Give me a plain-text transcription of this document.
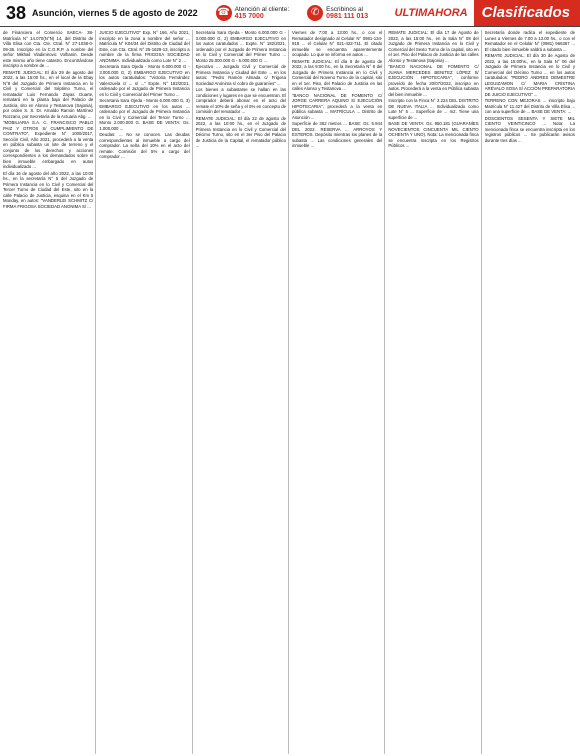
38 Asunción, viernes 5 de agosto de 2022 ☎ Atención al cliente:
415 7000	✆	Escribinos al
0981 111 013	ULTIMAHORA Clasificados

de Financiera el Comercio SAECA- 38-Matrícula N° 14.070(N°N) 14, del Distrito de Villa Elisa con Cta. Cte. Ctral. N° 27-1038-0-09-36. Inscripto en la C.G.R.P. a nombre del señor Mikhail Vladimirovic Volhanin. Desde este mismo año tiene catastro. Encontrándose inscripto a nombre de ...

REMATE JUDICIAL: El día 29 de agosto del 2022, a las 16:00 hs., en el local de la Ebay N°8 del Juzgado de Primera Instancia en lo Civil y Comercial del Séptimo Turno, el rematador Luis Fernando Zayas Duarte, rematará en la planta baja del Palacio de Justicia, sito en Alonso y Testanova (Sajonia), por orden S. S. Dr. Arnaldo Ramón Martínez Rozzano, por Secretaría de la Actuaria Abg. ...

"MOBILIARIA S.A. C. FRANCISCO PABLO PAIZ Y OTROS S/ CUMPLIMIENTO DE CONTRATO", Expediente N° 1000/2017, Sección Civil, Año 2021, procederá a la venta en pública subasta un lote de terreno y el conjunto de los derechos y acciones correspondientes a los demandados sobre el bien inmueble embargado en autos individualizado ...

El día 16 de agosto del año 2022, a las 10:00 hs., en la secretaría N° 5 del Juzgado de Primera Instancia en lo Civil y Comercial del Tercer Turno de Ciudad del Este, sito en la calle Palacio de Justicia, esquina en el Km 5 Monday, en autos: "VANDERLEI SCHMITZ C/ FIRMA FRIGOSA SOCIEDAD ANONIMA S/ ...

JUICIO EJECUTIVO" Exp. N° 166, Año 2021, inscripto en la zona a nombre del señor ... Matrícula N° K04/34 del Distrito de Ciudad del Este, con Cta. Ctral. N° 25-1629-13, inscripto a nombre de la firma FRIGOSA SOCIEDAD ANÓNIMA. Individualizado como Lote N° 2 ...

Secretaria Sara Ojeda - Monto 6.000.000 G - 3.000.000 G, 2) EMBARGO EJECUTIVO en los autos caratulados: "Victoria Fernández Valenzuela c/ ... s/ ..." Expte. N° 182/2021, ordenado por el Juzgado de Primera Instancia en lo Civil y Comercial del Primer Turno ...

Secretaria Sara Ojeda - Monto 6.000.000 G, 3) EMBARGO EJECUTIVO en los autos ... ordenado por el Juzgado de Primera Instancia en lo Civil y Comercial del Tercer Turno ... Monto 2.000.000 G. BASE DE VENTA: Gs. 1.000.000 ...

Deudas: ... No se conocen. Las deudas correspondientes al inmueble a cargo del comprador. La seña del 10% en el acto del remate. Comisión del 5% a cargo del comprador ...

Secretaria Sara Ojeda - Monto 6.000.000 G - 3.000.000 G, 2) EMBARGO EJECUTIVO en los autos caratulados ... Expte. N° 182/2021, ordenado por el Juzgado de Primera Instancia en lo Civil y Comercial del Primer Turno ... Monto 25.000.000 G - 5.000.000 G ...

Ejecutivo ... Juzgado Civil y Comercial de Primera Instancia y Ciudad del Este ... en los autos: "Pedro Ramón Almada c/ Frigosa Sociedad Anónima s/ cobro de guaraníes" ...

Los bienes a subastarse se hallan en las condiciones y lugares en que se encuentran. El comprador deberá abonar en el acto del remate el 10% de seña y el 5% en concepto de comisión del rematador ...

REMATE JUDICIAL: El día 22 de agosto de 2022, a las 10:00 hs., en el Juzgado de Primera Instancia en lo Civil y Comercial del Décimo Turno, sito en el 3er Piso del Palacio de Justicia de la Capital, el rematador público ...

Viernes de 7:00 a 13:00 hs., o con el Rematador designado al Celular N° 0981-134-918 ... el Celular N° 021-422-711. El citado inmueble se encuentra aparentemente ocupado. Lo que se informa en autos ...

REMATE JUDICIAL: El día 8 de agosto de 2022, a las 9:00 hs., en la Secretaría N° 8 del Juzgado de Primera Instancia en lo Civil y Comercial del Noveno Turno de la capital, sito en el 1er. Piso, del Palacio de Justicia en las calles Alonso y Testanova ...

"BANCO NACIONAL DE FOMENTO C/ JORGE CARRERA AQUINO S/ EJECUCIÓN HIPOTECARIA", procederá a la venta en pública subasta ... MATRÍCULA ... Distrito de Asunción ...

Superficie de 362 metros ... BASE: Gs. 5.944 DEL 2022. RESERVA ... ARROYOS Y ESTEROS. Depósito mientras los planes de la subasta ... Las condiciones generales del inmueble ...

REMATE JUDICIAL: El día 17 de Agosto de 2022, a las 15:00 hs., en la Sala N° 08 del Juzgado de Primera Instancia en lo Civil y Comercial del Sexto Turno de la capital, sito en el 1er. Piso del Palacio de Justicia de las calles Alonso y Testanova (Sajonia) ...

"BANCO NACIONAL DE FOMENTO C/ JUANA MERCEDES BENITEZ LÓPEZ S/ EJECUCIÓN HIPOTECARIA", conforme proveído de fecha 20/07/2022, inscripto en autos. Procederá a la venta en Pública subasta del bien inmueble ...

Inscripto con la Finca N° 2.224 DEL DISTRITO DE NUEVA ITALIA ... Individualizado como Lote N° 5 ... Superficie de ... m2. Tiene una superficie de ...

BASE DE VENTA: Gs. 950.181 (GUARANÍES NOVECIENTOS CINCUENTA MIL CIENTO OCHENTA Y UNO). Nota: La mencionada finca se encuentra inscripta en los Registros Públicos ...

Secretaría donde radica el expediente de Lunes a Viernes de 7.00 a 13.00 hs., o con el Rematador en el Celular N° (0981) 966367 ... El citado bien inmueble saldrá a subasta ...

REMATE JUDICIAL: El día 30 de Agosto de 2022, a las 15:00hs., en la Sala N° 06 del Juzgado de Primera Instancia en lo Civil y Comercial del Décimo Turno ... en los autos caratulados: "PEDRO ANDRES DEMESTRE LEGUIZAMON C/ MARIA CRISTINA ARÉVALO SOSA S/ ACCIÓN PREPARATORIA DE JUICIO EJECUTIVO" ...

TERRENO CON MEJORAS ... inscripto bajo Matrícula N° 11.427 del Distrito de Villa Elisa ... con una superficie de ... BASE DE VENTA: ...

DOSCIENTOS SESENTA Y SIETE MIL CIENTO VEINTICINCO ... Nota: La mencionada finca se encuentra inscripta en los registros públicos ... Se publicarán avisos durante tres días ...
